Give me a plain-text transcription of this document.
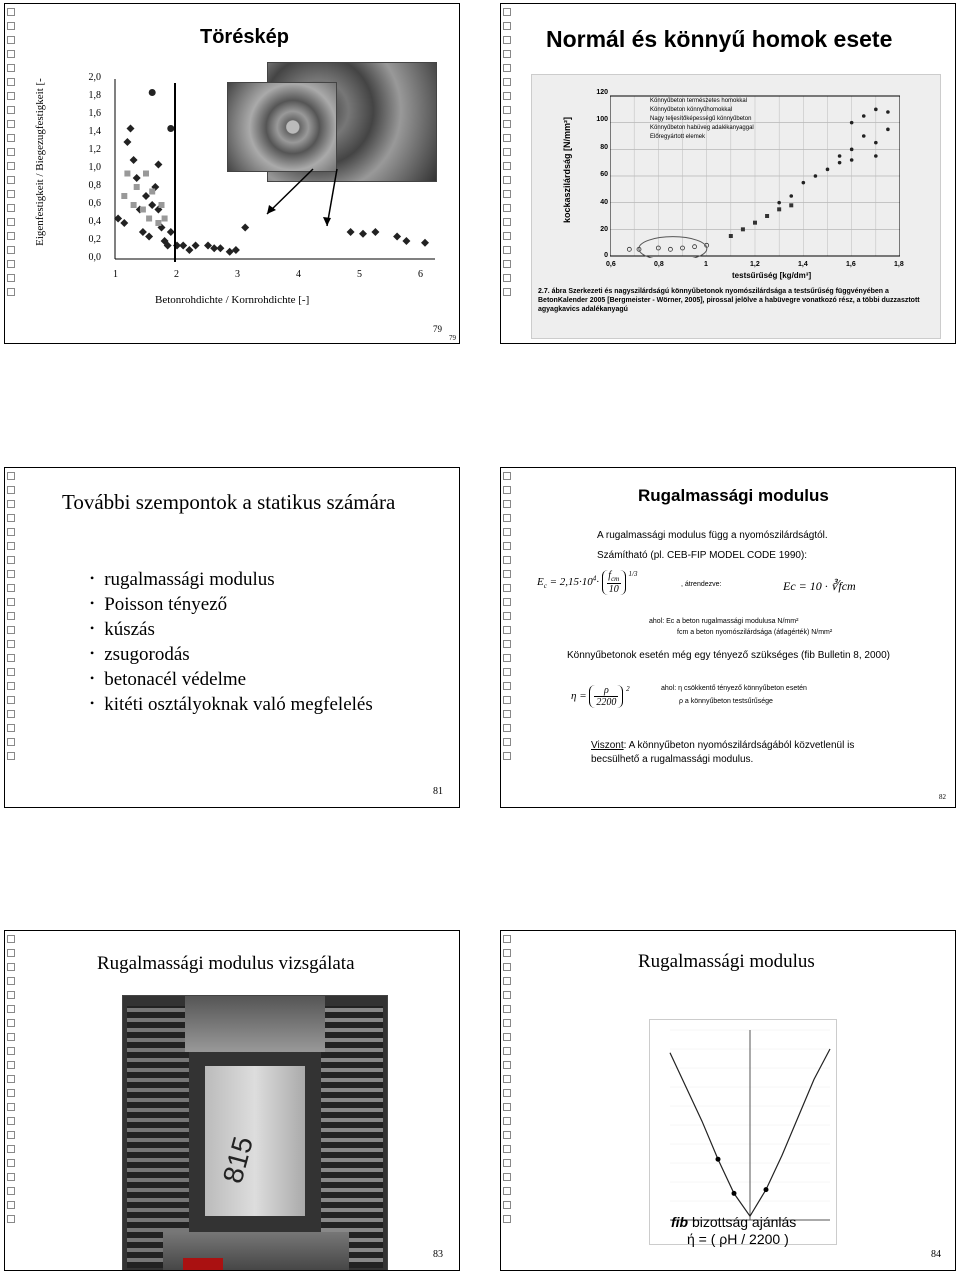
Töréskép
Eigenfestigkeit / Biegezugfestigkeit [-
2,0
1,8
1,6
1,4
1,2
1,0
0,8
0,6
0,4
0,2
0,0
1	2	3	4	5	6
Betonrohdichte / Kornrohdichte [-]
79
79
Normál és könnyű homok esete
Könnyűbeton természetes homokkal
Könnyűbeton könnyűhomokkal
Nagy teljesítőképességű könnyűbeton
Könnyűbeton habüveg adalékanyaggal
Előregyártott elemek
kockaszilárdság [N/mm²]
120
100
80
60
40
20
0
0,6	0,8	1	1,2	1,4	1,6	1,8
testsűrűség [kg/dm³]
2.7. ábra Szerkezeti és nagyszilárdságú könnyűbetonok nyomószilárdsága a testsűrűség függvényében a BetonKalender 2005 [Bergmeister - Wörner, 2005], pirossal jelölve a habüvegre vonatkozó rész, a többi duzzasztott agyagkavics adalékanyagú
További szempontok a statikus számára
• rugalmassági modulus
• Poisson tényező
• kúszás
• zsugorodás
• betonacél védelme
• kitéti osztályoknak való megfelelés
81
Rugalmassági modulus
A rugalmassági modulus függ a nyomószilárdságtól.
Számítható (pl. CEB-FIP MODEL CODE 1990):
$E_c = 2,15\cdot 10^4\cdot f_{cm}$
10 $^{1/3}$
, átrendezve:	Ec = 10 · ∛fcm
ahol: Ec a beton rugalmassági modulusa N/mm²
fcm a beton nyomószilárdsága (átlagérték) N/mm²
Könnyűbetonok esetén még egy tényező szükséges (fib Bulletin 8, 2000)
η = ρ
2200 $^2$	ahol: η csökkentő tényező könnyűbeton esetén
ρ a könnyűbeton testsűrűsége
Viszont: A könnyűbeton nyomószilárdságából közvetlenül is
becsülhető a rugalmassági modulus.
82
Rugalmassági modulus vizsgálata
815
83
Rugalmassági modulus
fib bizottság ajánlás
ή = ( ρH / 2200 )
84
